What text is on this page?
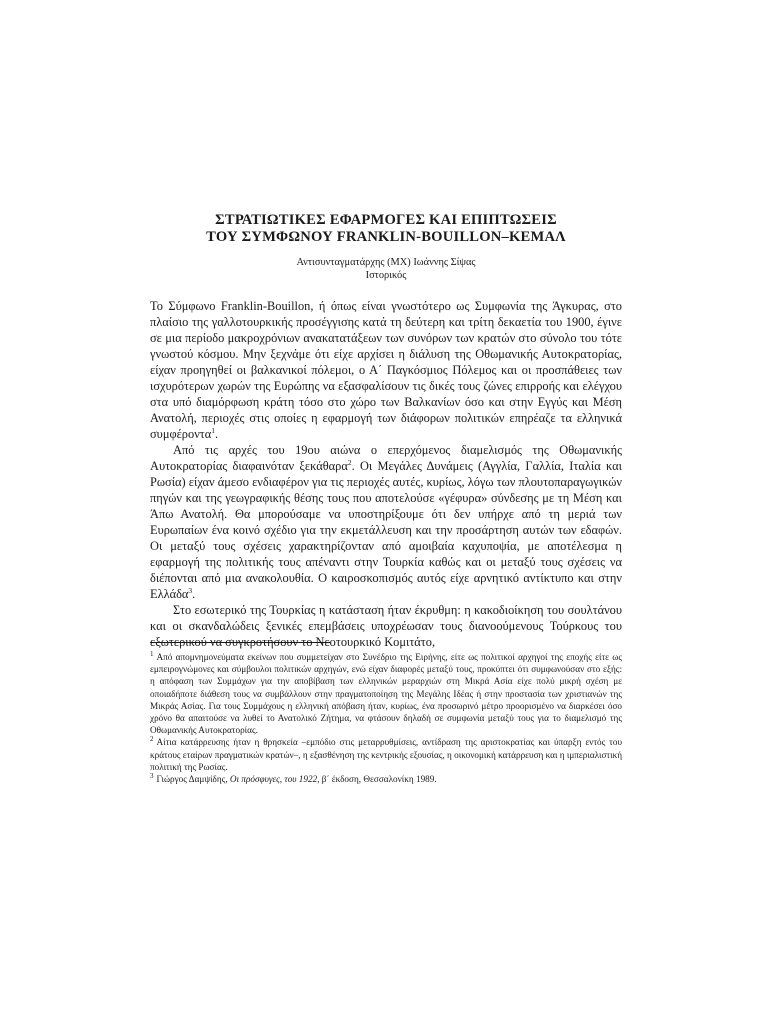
ΣΤΡΑΤΙΩΤΙΚΕΣ ΕΦΑΡΜΟΓΕΣ ΚΑΙ ΕΠΙΠΤΩΣΕΙΣ
ΤΟΥ ΣΥΜΦΩΝΟΥ FRANKLIN-BOUILLON–ΚΕΜΑΛ

Αντισυνταγματάρχης (ΜΧ) Ιωάννης Σίψας

Ιστορικός

Το Σύμφωνο Franklin-Bouillon, ή όπως είναι γνωστότερο ως Συμφωνία της Άγκυρας, στο πλαίσιο της γαλλοτουρκικής προσέγγισης κατά τη δεύτερη και τρίτη δεκαετία του 1900, έγινε σε μια περίοδο μακροχρόνιων ανακατατάξεων των συνόρων των κρατών στο σύνολο του τότε γνωστού κόσμου. Μην ξεχνάμε ότι είχε αρχίσει η διάλυση της Οθωμανικής Αυτοκρατορίας, είχαν προηγηθεί οι βαλκανικοί πόλεμοι, ο Α΄ Παγκόσμιος Πόλεμος και οι προσπάθειες των ισχυρότερων χωρών της Ευρώπης να εξασφαλίσουν τις δικές τους ζώνες επιρροής και ελέγχου στα υπό διαμόρφωση κράτη τόσο στο χώρο των Βαλκανίων όσο και στην Εγγύς και Μέση Ανατολή, περιοχές στις οποίες η εφαρμογή των διάφορων πολιτικών επηρέαζε τα ελληνικά συμφέροντα$^1$.

Από τις αρχές του 19ου αιώνα ο επερχόμενος διαμελισμός της Οθωμανικής Αυτοκρατορίας διαφαινόταν ξεκάθαρα$^2$. Οι Μεγάλες Δυνάμεις (Αγγλία, Γαλλία, Ιταλία και Ρωσία) είχαν άμεσο ενδιαφέρον για τις περιοχές αυτές, κυρίως, λόγω των πλουτοπαραγωγικών πηγών και της γεωγραφικής θέσης τους που αποτελούσε «γέφυρα» σύνδεσης με τη Μέση και Άπω Ανατολή. Θα μπορούσαμε να υποστηρίξουμε ότι δεν υπήρχε από τη μεριά των Ευρωπαίων ένα κοινό σχέδιο για την εκμετάλλευση και την προσάρτηση αυτών των εδαφών. Οι μεταξύ τους σχέσεις χαρακτηρίζονταν από αμοιβαία καχυποψία, με αποτέλεσμα η εφαρμογή της πολιτικής τους απέναντι στην Τουρκία καθώς και οι μεταξύ τους σχέσεις να διέπονται από μια ανακολουθία. Ο καιροσκοπισμός αυτός είχε αρνητικό αντίκτυπο και στην Ελλάδα$^3$.

Στο εσωτερικό της Τουρκίας η κατάσταση ήταν έκρυθμη: η κακοδιοίκηση του σουλτάνου και οι σκανδαλώδεις ξενικές επεμβάσεις υποχρέωσαν τους διανοούμενους Τούρκους του εξωτερικού να συγκροτήσουν το Νεοτουρκικό Κομιτάτο,

$^1$ Από απομνημονεύματα εκείνων που συμμετείχαν στο Συνέδριο της Ειρήνης, είτε ως πολιτικοί αρχηγοί της εποχής είτε ως εμπειρογνώμονες και σύμβουλοι πολιτικών αρχηγών, ενώ είχαν διαφορές μεταξύ τους, προκύπτει ότι συμφωνούσαν στο εξής: η απόφαση των Συμμάχων για την αποβίβαση των ελληνικών μεραρχιών στη Μικρά Ασία είχε πολύ μικρή σχέση με οποιαδήποτε διάθεση τους να συμβάλλουν στην πραγματοποίηση της Μεγάλης Ιδέας ή στην προστασία των χριστιανών της Μικράς Ασίας. Για τους Συμμάχους η ελληνική απόβαση ήταν, κυρίως, ένα προσωρινό μέτρο προορισμένο να διαρκέσει όσο χρόνο θα απαιτούσε να λυθεί το Ανατολικό Ζήτημα, να φτάσουν δηλαδή σε συμφωνία μεταξύ τους για το διαμελισμό της Οθωμανικής Αυτοκρατορίας.

$^2$ Αίτια κατάρρευσης ήταν η θρησκεία –εμπόδιο στις μεταρρυθμίσεις, αντίδραση της αριστοκρατίας και ύπαρξη εντός του κράτους εταίρων πραγματικών κρατών–, η εξασθένηση της κεντρικής εξουσίας, η οικονομική κατάρρευση και η ιμπεριαλιστική πολιτική της Ρωσίας.

$^3$ Γιώργος Δαμψίδης, Οι πρόσφυγες, του 1922, β΄ έκδοση, Θεσσαλονίκη 1989.
